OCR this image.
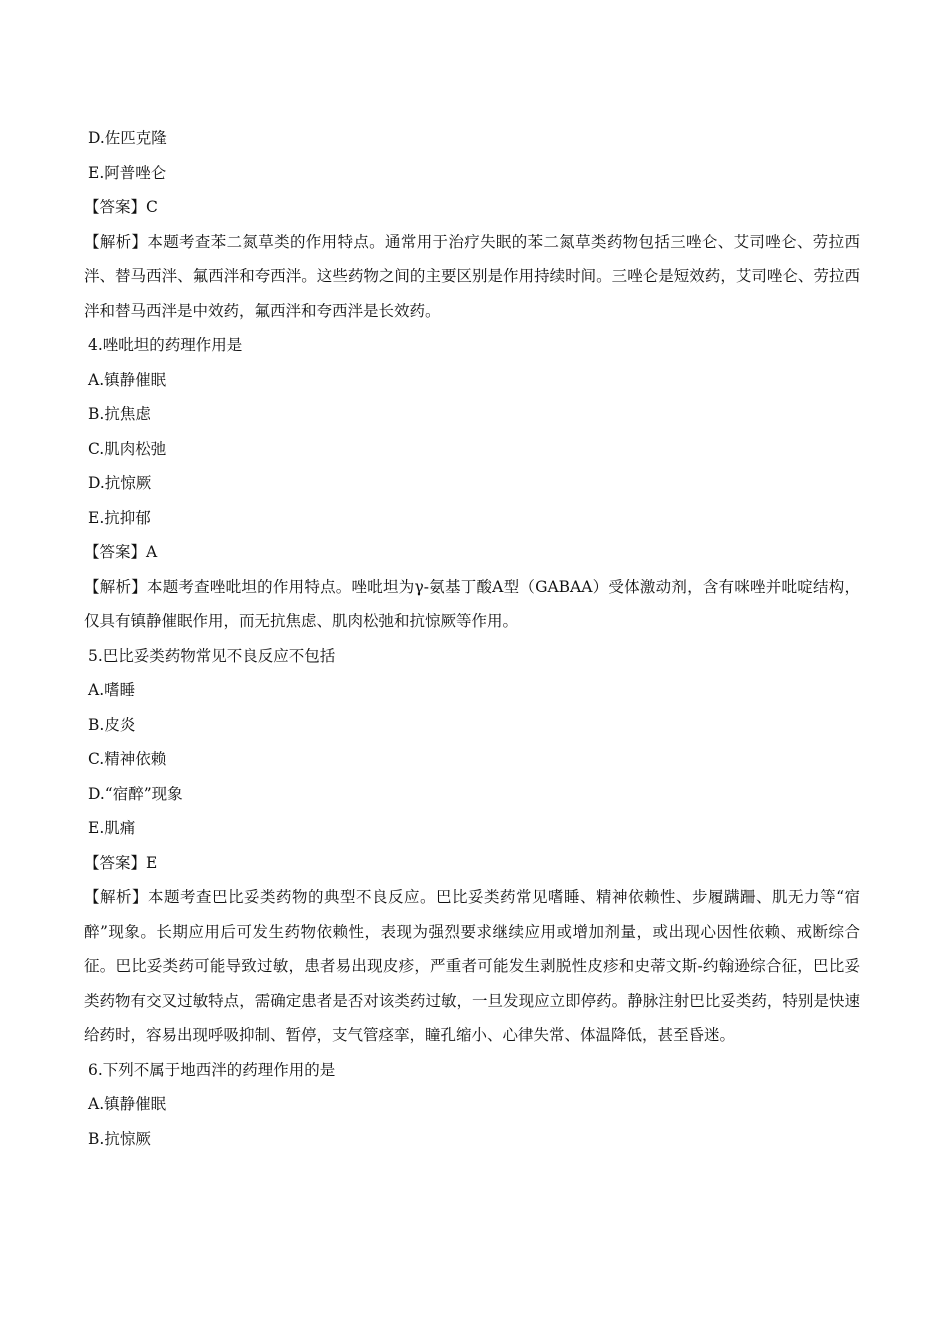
D.佐匹克隆
E.阿普唑仑
【答案】C
【解析】本题考查苯二氮草类的作用特点。通常用于治疗失眠的苯二氮草类药物包括三唑仑、艾司唑仑、劳拉西泮、替马西泮、氟西泮和夸西泮。这些药物之间的主要区别是作用持续时间。三唑仑是短效药，艾司唑仑、劳拉西泮和替马西泮是中效药，氟西泮和夸西泮是长效药。
4.唑吡坦的药理作用是
A.镇静催眠
B.抗焦虑
C.肌肉松弛
D.抗惊厥
E.抗抑郁
【答案】A
【解析】本题考查唑吡坦的作用特点。唑吡坦为γ-氨基丁酸A型（GABAA）受体激动剂，含有咪唑并吡啶结构，仅具有镇静催眠作用，而无抗焦虑、肌肉松弛和抗惊厥等作用。
5.巴比妥类药物常见不良反应不包括
A.嗜睡
B.皮炎
C.精神依赖
D.“宿醉”现象
E.肌痛
【答案】E
【解析】本题考查巴比妥类药物的典型不良反应。巴比妥类药常见嗜睡、精神依赖性、步履蹒跚、肌无力等“宿醉”现象。长期应用后可发生药物依赖性，表现为强烈要求继续应用或增加剂量，或出现心因性依赖、戒断综合征。巴比妥类药可能导致过敏，患者易出现皮疹，严重者可能发生剥脱性皮疹和史蒂文斯-约翰逊综合征，巴比妥类药物有交叉过敏特点，需确定患者是否对该类药过敏，一旦发现应立即停药。静脉注射巴比妥类药，特别是快速给药时，容易出现呼吸抑制、暂停，支气管痉挛，瞳孔缩小、心律失常、体温降低，甚至昏迷。
6.下列不属于地西泮的药理作用的是
A.镇静催眠
B.抗惊厥
